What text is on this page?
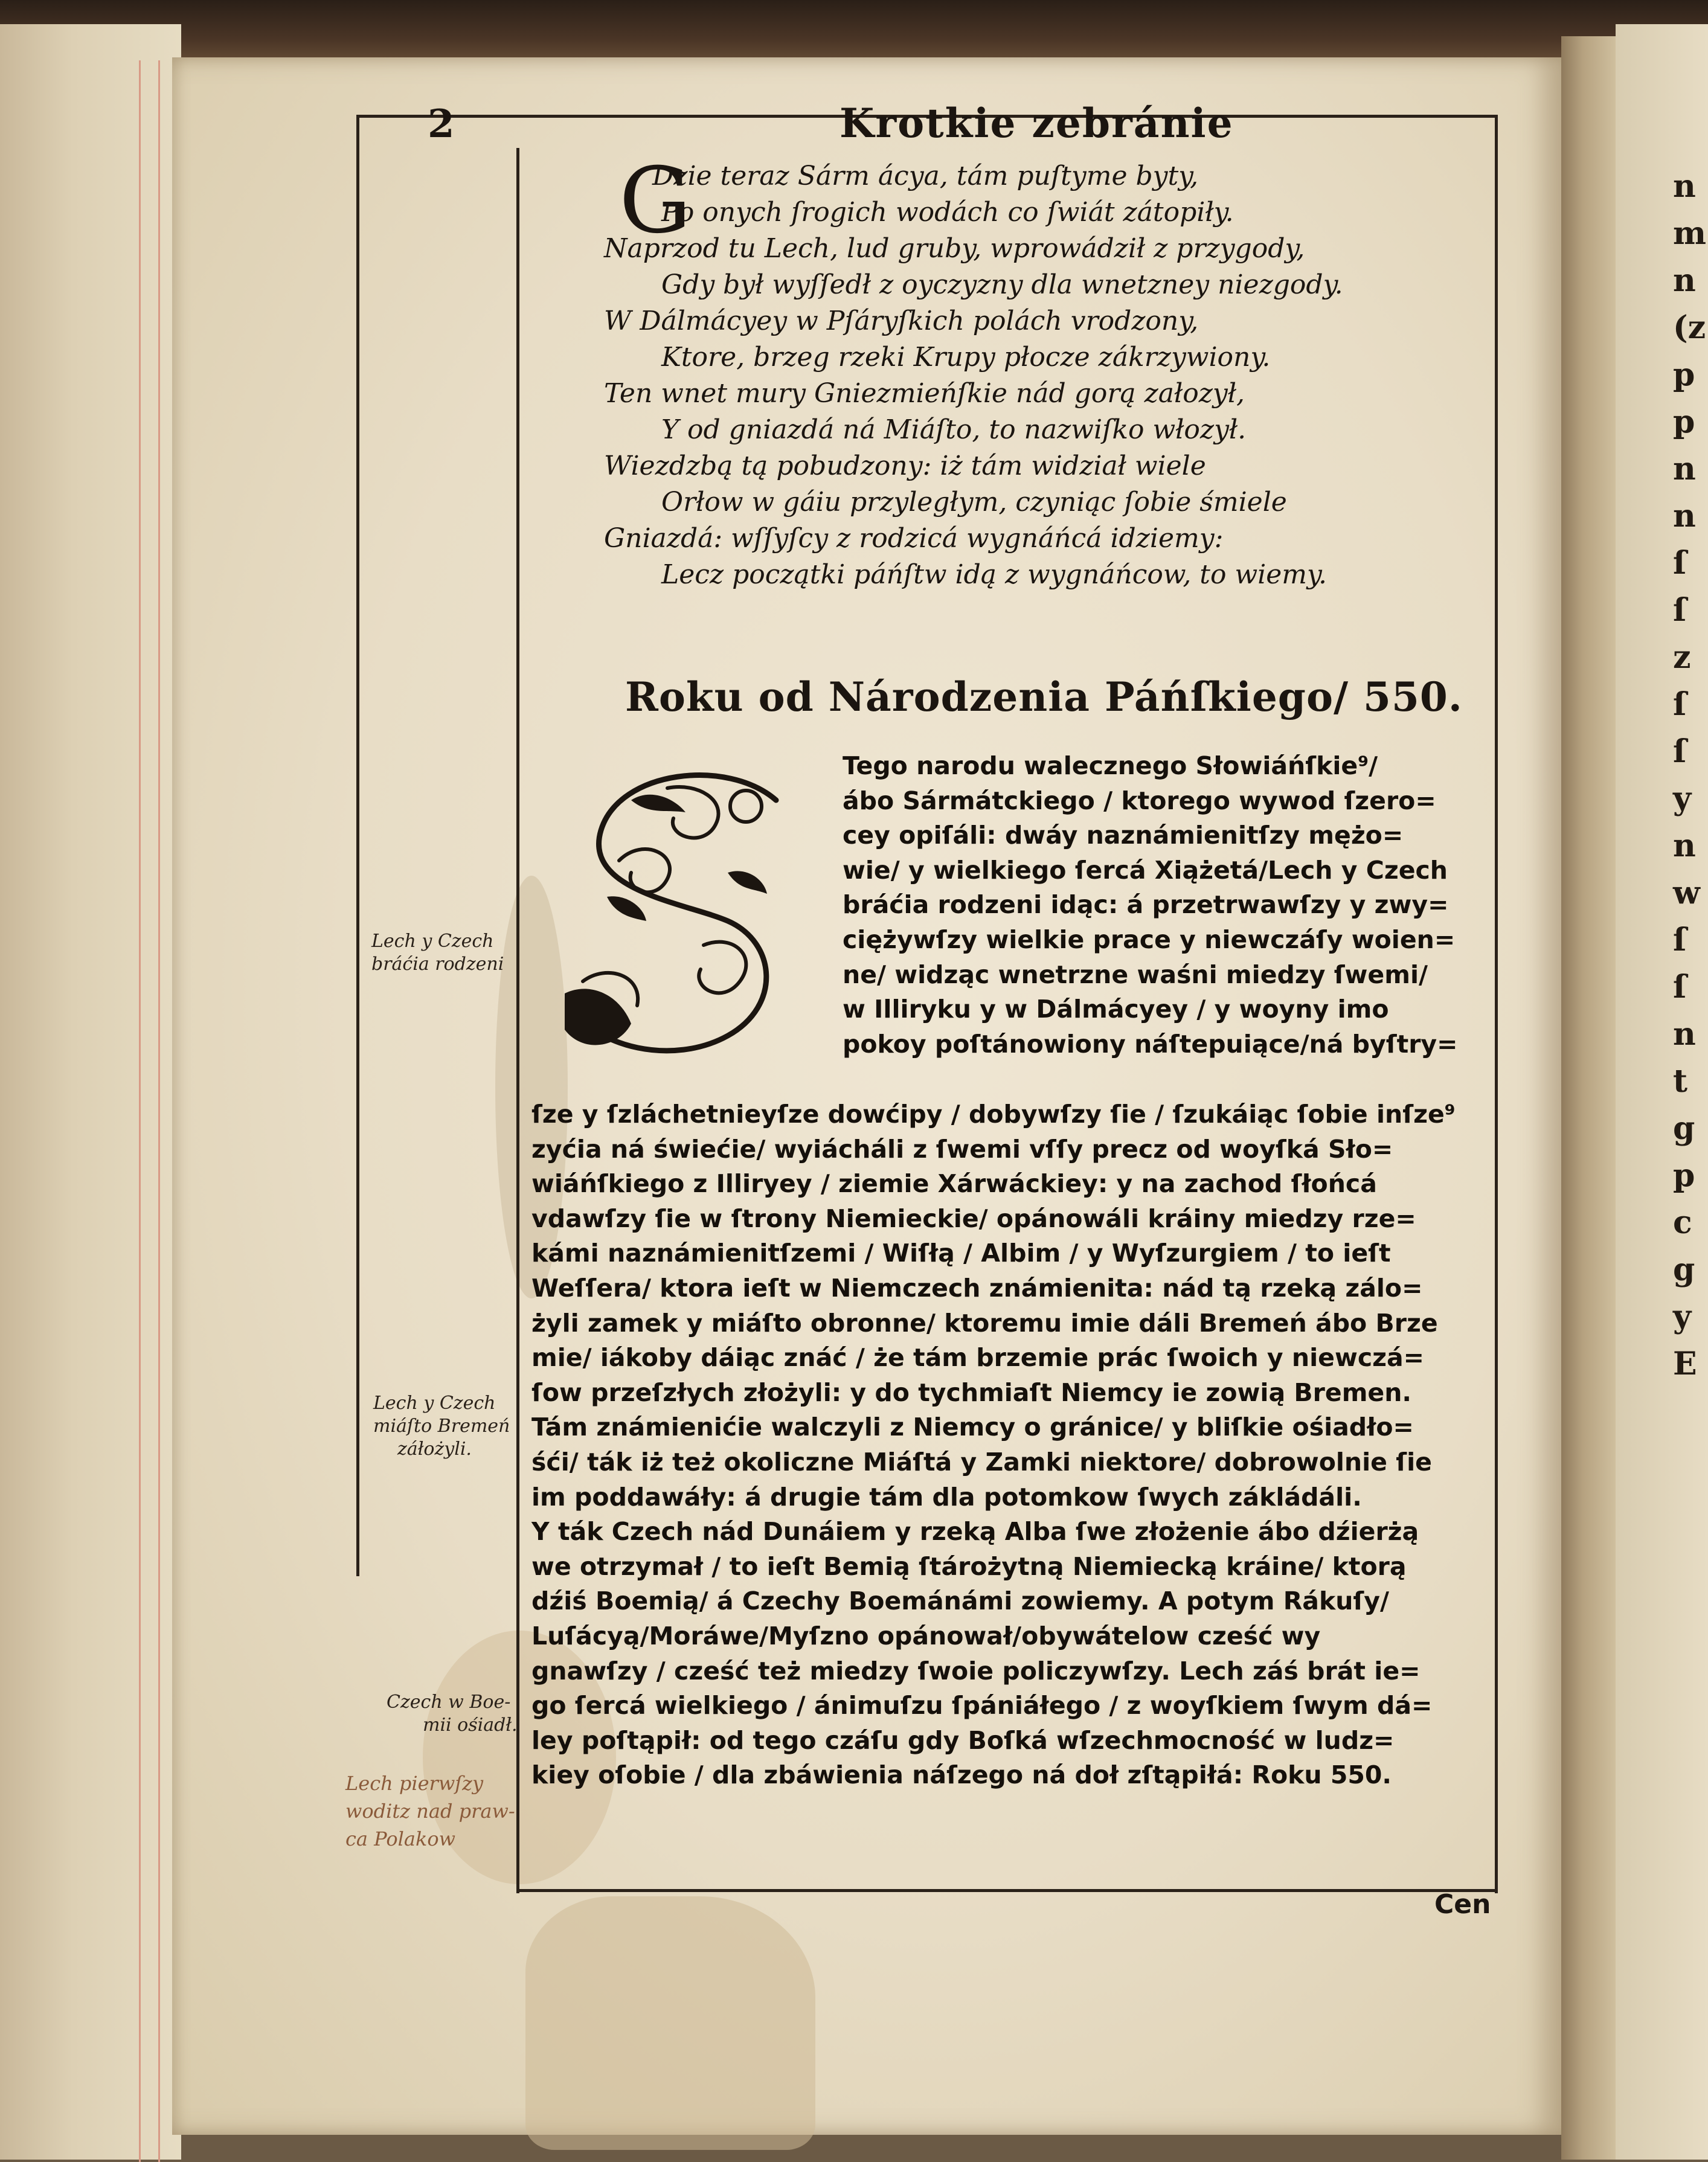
n
m
n
(z
p
p
n
n
ſ
ſ
z
ſ
ſ
y
n
w
ſ
ſ
n
t
g
p
c
g
y
E
2	Krotkie zebránie
G
Dzie teraz Sárm ácya, tám puſtyme byty,
Po onych ſrogich wodách co ſwiát zátopiły.
Naprzod tu Lech, lud gruby, wprowádził z przygody,
Gdy był wyſſedł z oyczyzny dla wnetzney niezgody.
W Dálmácyey w Pſáryſkich polách vrodzony,
Ktore, brzeg rzeki Krupy płocze zákrzywiony.
Ten wnet mury Gniezmieńſkie nád gorą załozył,
Y od gniazdá ná Miáſto, to nazwiſko włozył.
Wiezdzbą tą pobudzony: iż tám widział wiele
Orłow w gáiu przyległym, czyniąc ſobie śmiele
Gniazdá: wſſyſcy z rodzicá wygnáńcá idziemy:
Lecz początki páńſtw idą z wygnáńcow, to wiemy.
Roku od Národzenia Páńſkiego/ 550.
Tego narodu walecznego Słowiáńſkie⁹/
ábo Sármátckiego / ktorego wywod ſzero=
cey opiſáli: dwáy naznámienitſzy mężo=
wie/ y wielkiego ſercá Xiążetá/Lech y Czech
bráćia rodzeni idąc: á przetrwawſzy y zwy=
ciężywſzy wielkie prace y niewczáſy woien=
ne/ widząc wnetrzne waśni miedzy ſwemi/
w Illiryku y w Dálmácyey / y woyny imo
pokoy poſtánowiony náſtepuiące/ná byſtry=
ſze y ſzláchetnieyſze dowćipy / dobywſzy ſie / ſzukáiąc ſobie inſze⁹
zyćia ná świećie/ wyiácháli z ſwemi vſſy precz od woyſká Sło=
wiáńſkiego z Illiryey / ziemie Xárwáckiey: y na zachod ſłońcá
vdawſzy ſie w ſtrony Niemieckie/ opánowáli kráiny miedzy rze=
kámi naznámienitſzemi / Wiſłą / Albim / y Wyſzurgiem / to ieſt
Weſſera/ ktora ieſt w Niemczech známienita: nád tą rzeką zálo=
żyli zamek y miáſto obronne/ ktoremu imie dáli Bremeń ábo Brze
mie/ iákoby dáiąc znáć / że tám brzemie prác ſwoich y niewczá=
ſow przeſzłych złożyli: y do tychmiaſt Niemcy ie zowią Bremen.
Tám známienićie walczyli z Niemcy o gránice/ y bliſkie ośiadło=
śći/ ták iż też okoliczne Miáſtá y Zamki niektore/ dobrowolnie ſie
im poddawáły: á drugie tám dla potomkow ſwych zákládáli.
Y ták Czech nád Dunáiem y rzeką Alba ſwe złożenie ábo dźierżą
we otrzymał / to ieſt Bemią ſtárożytną Niemiecką kráine/ ktorą
dźiś Boemią/ á Czechy Boemánámi zowiemy. A potym Rákuſy/
Luſácyą/Moráwe/Myſzno opánował/obywátelow cześć wy
gnawſzy / cześć też miedzy ſwoie policzywſzy. Lech záś brát ie=
go ſercá wielkiego / ánimuſzu ſpániáłego / z woyſkiem ſwym dá=
ley poſtąpił: od tego czáſu gdy Boſká wſzechmocność w ludz=
kiey oſobie / dla zbáwienia náſzego ná doł zſtąpiłá: Roku 550.
Cen
Lech y Czech
bráćia rodzeni
Lech y Czech
miáſto Bremeń
záłożyli.
Czech w Boe-
mii ośiadł.
Lech pierwſzy
woditz nad praw-
ca Polakow
